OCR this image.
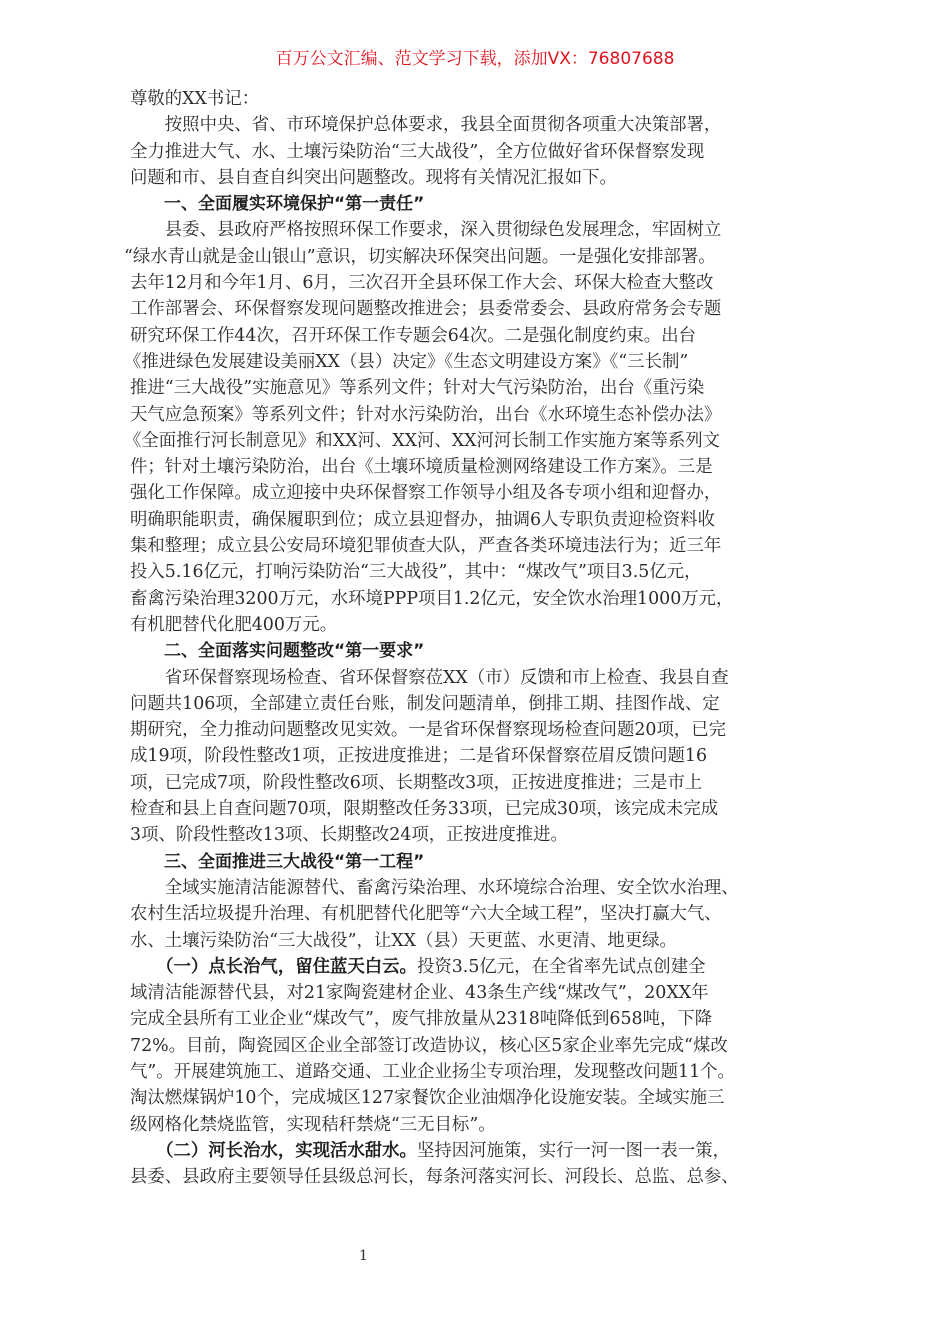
百万公文汇编、范文学习下载，添加VX：76807688

尊敬的XX书记：

　　按照中央、省、市环境保护总体要求，我县全面贯彻各项重大决策部署，

全力推进大气、水、土壤污染防治“三大战役”，全方位做好省环保督察发现

问题和市、县自查自纠突出问题整改。现将有关情况汇报如下。

　　一、全面履实环境保护“第一责任”

　　县委、县政府严格按照环保工作要求，深入贯彻绿色发展理念，牢固树立

“绿水青山就是金山银山”意识，切实解决环保突出问题。一是强化安排部署。

去年12月和今年1月、6月，三次召开全县环保工作大会、环保大检查大整改

工作部署会、环保督察发现问题整改推进会；县委常委会、县政府常务会专题

研究环保工作44次，召开环保工作专题会64次。二是强化制度约束。出台

《推进绿色发展建设美丽XX（县）决定》《生态文明建设方案》《“三长制”

推进“三大战役”实施意见》等系列文件；针对大气污染防治，出台《重污染

天气应急预案》等系列文件；针对水污染防治，出台《水环境生态补偿办法》

《全面推行河长制意见》和XX河、XX河、XX河河长制工作实施方案等系列文

件；针对土壤污染防治，出台《土壤环境质量检测网络建设工作方案》。三是

强化工作保障。成立迎接中央环保督察工作领导小组及各专项小组和迎督办，

明确职能职责，确保履职到位；成立县迎督办，抽调6人专职负责迎检资料收

集和整理；成立县公安局环境犯罪侦查大队，严查各类环境违法行为；近三年

投入5.16亿元，打响污染防治“三大战役”，其中：“煤改气”项目3.5亿元，

畜禽污染治理3200万元，水环境PPP项目1.2亿元，安全饮水治理1000万元，

有机肥替代化肥400万元。

　　二、全面落实问题整改“第一要求”

　　省环保督察现场检查、省环保督察莅XX（市）反馈和市上检查、我县自查

问题共106项，全部建立责任台账，制发问题清单，倒排工期、挂图作战、定

期研究，全力推动问题整改见实效。一是省环保督察现场检查问题20项，已完

成19项，阶段性整改1项，正按进度推进；二是省环保督察莅眉反馈问题16

项，已完成7项，阶段性整改6项、长期整改3项，正按进度推进；三是市上

检查和县上自查问题70项，限期整改任务33项，已完成30项，该完成未完成

3项、阶段性整改13项、长期整改24项，正按进度推进。

　　三、全面推进三大战役“第一工程”

　　全域实施清洁能源替代、畜禽污染治理、水环境综合治理、安全饮水治理、

农村生活垃圾提升治理、有机肥替代化肥等“六大全域工程”，坚决打赢大气、

水、土壤污染防治“三大战役”，让XX（县）天更蓝、水更清、地更绿。

　　（一）点长治气，留住蓝天白云。投资3.5亿元，在全省率先试点创建全

域清洁能源替代县，对21家陶瓷建材企业、43条生产线“煤改气”，20XX年

完成全县所有工业企业“煤改气”，废气排放量从2318吨降低到658吨，下降

72%。目前，陶瓷园区企业全部签订改造协议，核心区5家企业率先完成“煤改

气”。开展建筑施工、道路交通、工业企业扬尘专项治理，发现整改问题11个。

淘汰燃煤锅炉10个，完成城区127家餐饮企业油烟净化设施安装。全域实施三

级网格化禁烧监管，实现秸秆禁烧“三无目标”。

　　（二）河长治水，实现活水甜水。坚持因河施策，实行一河一图一表一策，

县委、县政府主要领导任县级总河长，每条河落实河长、河段长、总监、总参、

1
